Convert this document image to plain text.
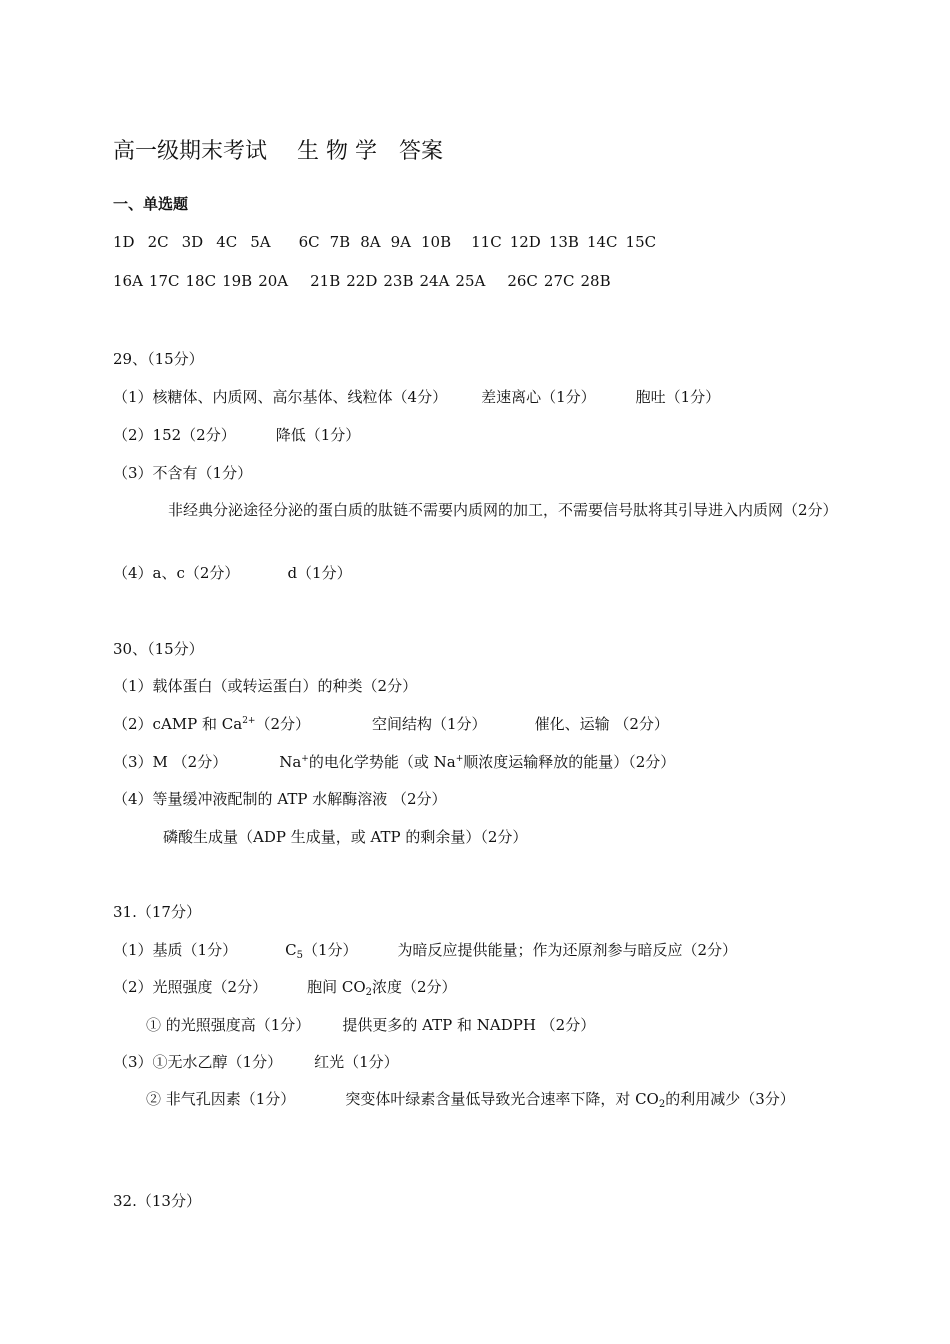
高一级期末考试 生 物 学 答案
一、单选题
1D 2C 3D 4C 5A 6C 7B 8A 9A 10B 11C 12D 13B 14C 15C
16A 17C 18C 19B 20A 21B 22D 23B 24A 25A 26C 27C 28B
29、（15分）
（1）核糖体、内质网、高尔基体、线粒体（4分） 差速离心（1分）	胞吐（1分）
（2）152（2分）	降低（1分）
（3）不含有（1分）
非经典分泌途径分泌的蛋白质的肽链不需要内质网的加工，不需要信号肽将其引导进入内质网（2分）
（4）a、c（2分）	d（1分）
30、（15分）
（1）载体蛋白（或转运蛋白）的种类（2分）
（2）cAMP 和 $Ca^{2+}(2$分）	空间结构（1分）	催化、运输 （2分）
（3）M （2分）	Na+的电化学势能（或 Na+顺浓度运输释放的能量）（2分）
（4）等量缓冲液配制的 ATP 水解酶溶液 （2分）
磷酸生成量（ADP 生成量，或 ATP 的剩余量）（2分）
31.（17分）
（1）基质（1分）	$C_5(1$分）	为暗反应提供能量；作为还原剂参与暗反应（2分）
（2）光照强度（2分）	胞间 $CO_2$浓度（2分）
① 的光照强度高（1分） 提供更多的 ATP 和 NADPH （2分）
（3）①无水乙醇（1分） 红光（1分）
② 非气孔因素（1分）	突变体叶绿素含量低导致光合速率下降，对 $CO_2$的利用减少（3分）
32.（13分）
